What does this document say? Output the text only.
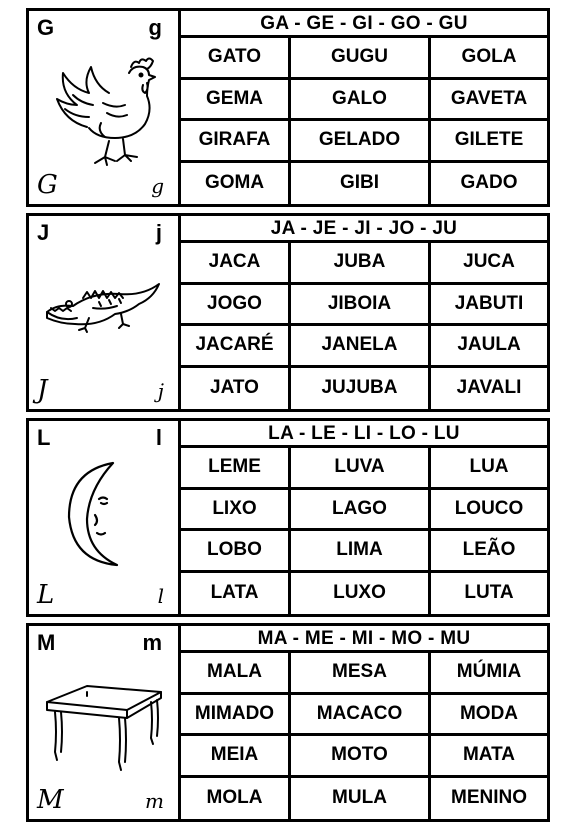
G	g
G	g
GA - GE - GI - GO - GU
GATO	GUGU	GOLA
GEMA	GALO	GAVETA
GIRAFA	GELADO	GILETE
GOMA	GIBI	GADO
J	j
J	j
JA - JE - JI - JO - JU
JACA	JUBA	JUCA
JOGO	JIBOIA	JABUTI
JACARÉ	JANELA	JAULA
JATO	JUJUBA	JAVALI
L	l
L	l
LA - LE - LI - LO - LU
LEME	LUVA	LUA
LIXO	LAGO	LOUCO
LOBO	LIMA	LEÃO
LATA	LUXO	LUTA
M	m
M	m
MA - ME - MI - MO - MU
MALA	MESA	MÚMIA
MIMADO	MACACO	MODA
MEIA	MOTO	MATA
MOLA	MULA	MENINO
